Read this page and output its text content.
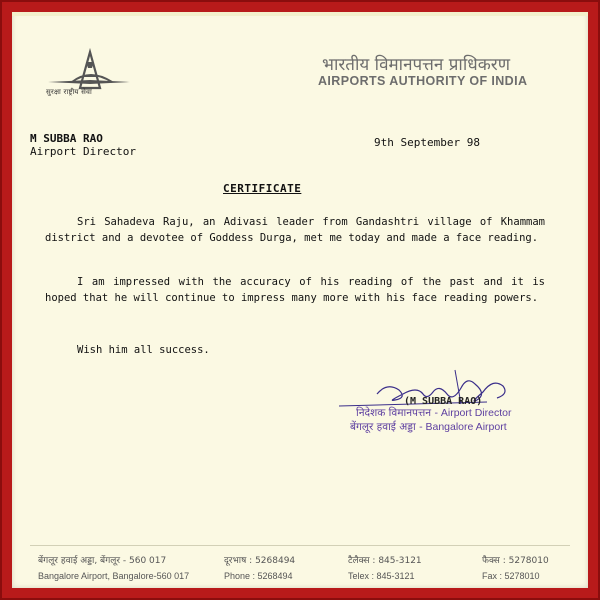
सुरक्षा राष्ट्रीय सेवा
भारतीय विमानपत्तन प्राधिकरण
AIRPORTS AUTHORITY OF INDIA
M SUBBA RAO
Airport Director
9th September 98
CERTIFICATE
Sri Sahadeva Raju, an Adivasi leader from Gandashtri village of Khammam district and a devotee of Goddess Durga, met me today and made a face reading.
I am impressed with the accuracy of his reading of the past and it is hoped that he will continue to impress many more with his face reading powers.
Wish him all success.
(M SUBBA RAO)
निदेशक विमानपत्तन - Airport Director
बेंगलूर हवाई अड्डा - Bangalore Airport
बेंगलूर हवाई अड्डा, बेंगलूर - 560 017
Bangalore Airport, Bangalore-560 017
दूरभाष : 5268494
Phone : 5268494
टैलैक्स : 845-3121
Telex : 845-3121
फैक्स : 5278010
Fax : 5278010
